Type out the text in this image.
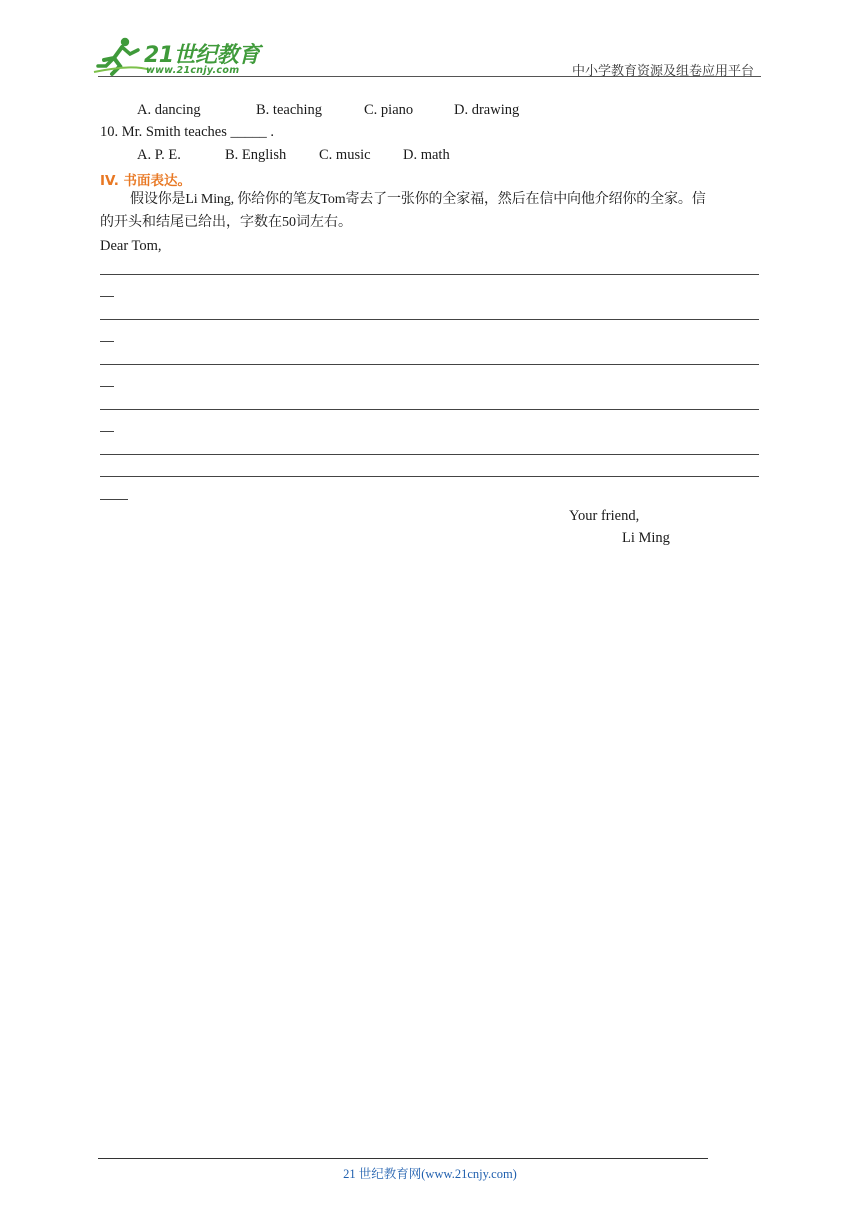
21世纪教育
www.21cnjy.com	中小学教育资源及组卷应用平台
A. dancing	B. teaching	C. piano	D. drawing
10. Mr. Smith teaches _____ .
A. P. E.	B. English C. music D. math
IV. 书面表达。
假设你是Li Ming, 你给你的笔友Tom寄去了一张你的全家福，然后在信中向他介绍你的全家。信
的开头和结尾已给出，字数在50词左右。
Dear Tom,
Your friend,
Li Ming
21 世纪教育网(www.21cnjy.com)
